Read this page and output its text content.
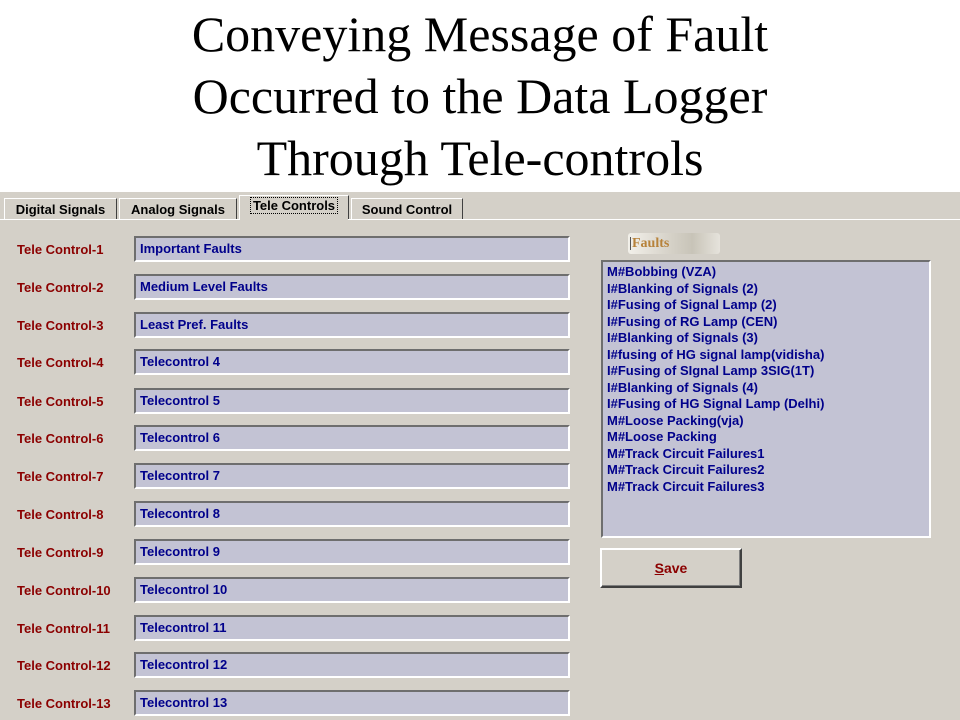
Conveying Message of Fault
Occurred to the Data Logger
Through Tele-controls
Digital Signals	Analog Signals	Tele Controls	Sound Control
Tele Control-1	Important Faults
Tele Control-2	Medium Level Faults
Tele Control-3	Least Pref. Faults
Tele Control-4	Telecontrol 4
Tele Control-5	Telecontrol 5
Tele Control-6	Telecontrol 6
Tele Control-7	Telecontrol 7
Tele Control-8	Telecontrol 8
Tele Control-9	Telecontrol 9
Tele Control-10	Telecontrol 10
Tele Control-11	Telecontrol 11
Tele Control-12	Telecontrol 12
Tele Control-13	Telecontrol 13
Faults
M#Bobbing (VZA)
I#Blanking of Signals (2)
I#Fusing of Signal Lamp (2)
I#Fusing of RG Lamp (CEN)
I#Blanking of Signals (3)
I#fusing of HG signal lamp(vidisha)
I#Fusing of SIgnal Lamp 3SIG(1T)
I#Blanking of Signals (4)
I#Fusing of HG Signal Lamp (Delhi)
M#Loose Packing(vja)
M#Loose Packing
M#Track Circuit Failures1
M#Track Circuit Failures2
M#Track Circuit Failures3
Save
